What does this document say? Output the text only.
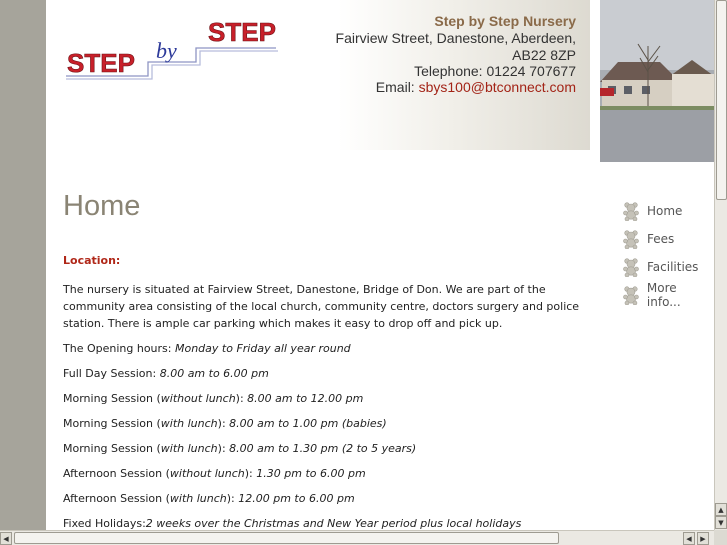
STEP by
STEP	Step by Step Nursery
Fairview Street, Danestone, Aberdeen,
AB22 8ZP
Telephone: 01224 707677
Email: sbys100@btconnect.com
Home

Location:

The nursery is situated at Fairview Street, Danestone, Bridge of Don. We are part of the community area consisting of the local church, community centre, doctors surgery and police station. There is ample car parking which makes it easy to drop off and pick up.

The Opening hours: Monday to Friday all year round

Full Day Session: 8.00 am to 6.00 pm

Morning Session (without lunch): 8.00 am to 12.00 pm

Morning Session (with lunch): 8.00 am to 1.00 pm (babies)

Morning Session (with lunch): 8.00 am to 1.30 pm (2 to 5 years)

Afternoon Session (without lunch): 1.30 pm to 6.00 pm

Afternoon Session (with lunch): 12.00 pm to 6.00 pm

Fixed Holidays:2 weeks over the Christmas and New Year period plus local holidays

Home
Fees
Facilities
More info...
▲
▼
◀	◀ ▶
